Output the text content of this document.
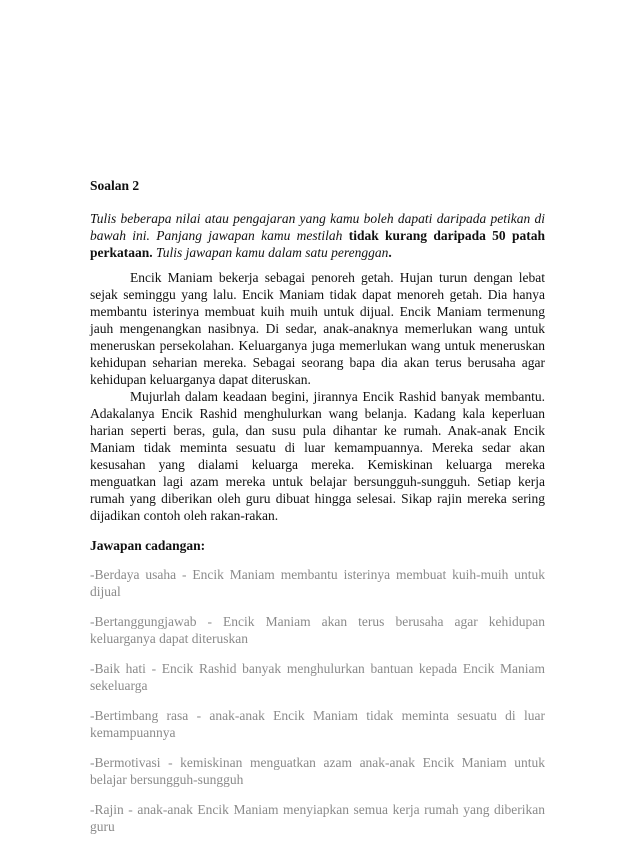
Soalan 2

Tulis beberapa nilai atau pengajaran yang kamu boleh dapati daripada petikan di bawah ini. Panjang jawapan kamu mestilah tidak kurang daripada 50 patah perkataan. Tulis jawapan kamu dalam satu perenggan.

Encik Maniam bekerja sebagai penoreh getah. Hujan turun dengan lebat sejak seminggu yang lalu. Encik Maniam tidak dapat menoreh getah. Dia hanya membantu isterinya membuat kuih muih untuk dijual. Encik Maniam termenung jauh mengenangkan nasibnya. Di sedar, anak-anaknya memerlukan wang untuk meneruskan persekolahan. Keluarganya juga memerlukan wang untuk meneruskan kehidupan seharian mereka. Sebagai seorang bapa dia akan terus berusaha agar kehidupan keluarganya dapat diteruskan.

Mujurlah dalam keadaan begini, jirannya Encik Rashid banyak membantu. Adakalanya Encik Rashid menghulurkan wang belanja. Kadang kala keperluan harian seperti beras, gula, dan susu pula dihantar ke rumah. Anak-anak Encik Maniam tidak meminta sesuatu di luar kemampuannya. Mereka sedar akan kesusahan yang dialami keluarga mereka. Kemiskinan keluarga mereka menguatkan lagi azam mereka untuk belajar bersungguh-sungguh. Setiap kerja rumah yang diberikan oleh guru dibuat hingga selesai. Sikap rajin mereka sering dijadikan contoh oleh rakan-rakan.

Jawapan cadangan:

-Berdaya usaha - Encik Maniam membantu isterinya membuat kuih-muih untuk dijual

-Bertanggungjawab - Encik Maniam akan terus berusaha agar kehidupan keluarganya dapat diteruskan

-Baik hati - Encik Rashid banyak menghulurkan bantuan kepada Encik Maniam sekeluarga

-Bertimbang rasa - anak-anak Encik Maniam tidak meminta sesuatu di luar kemampuannya

-Bermotivasi - kemiskinan menguatkan azam anak-anak Encik Maniam untuk belajar bersungguh-sungguh

-Rajin - anak-anak Encik Maniam menyiapkan semua kerja rumah yang diberikan guru
